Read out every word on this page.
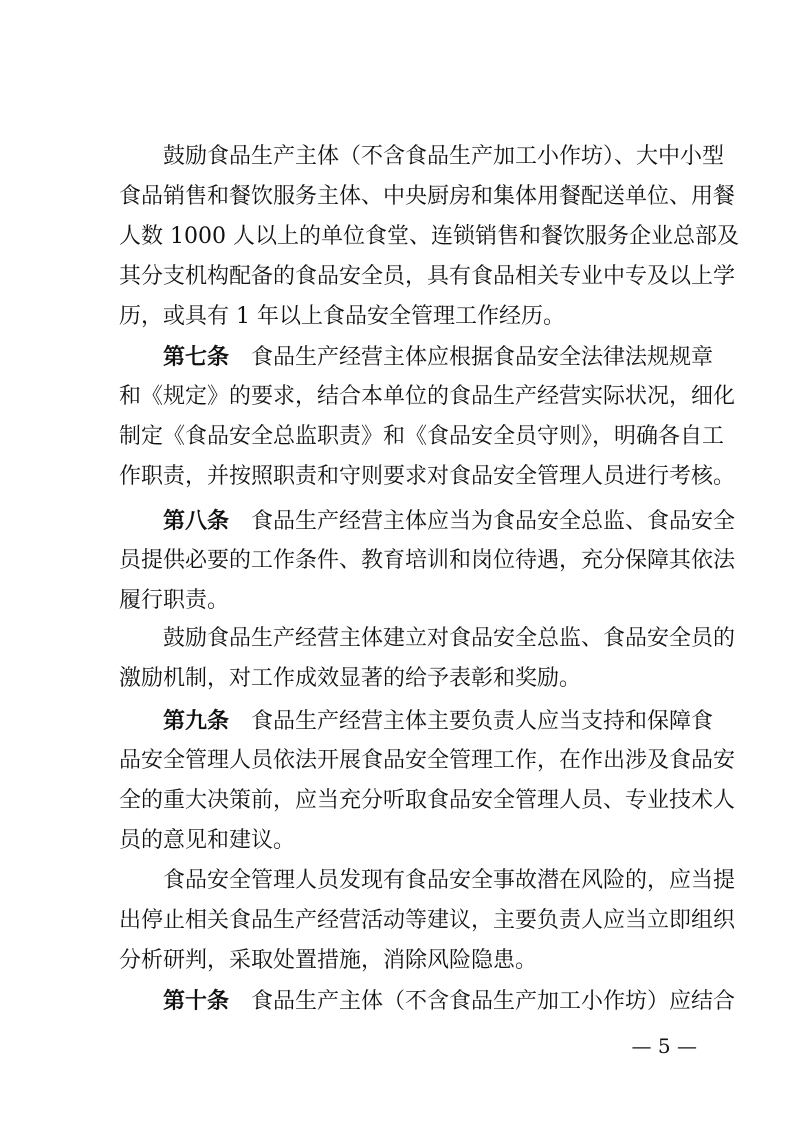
鼓励食品生产主体（不含食品生产加工小作坊）、大中小型
食品销售和餐饮服务主体、中央厨房和集体用餐配送单位、用餐
人数 1000 人以上的单位食堂、连锁销售和餐饮服务企业总部及
其分支机构配备的食品安全员，具有食品相关专业中专及以上学
历，或具有 1 年以上食品安全管理工作经历。
第七条 食品生产经营主体应根据食品安全法律法规规章
和《规定》的要求，结合本单位的食品生产经营实际状况，细化
制定《食品安全总监职责》和《食品安全员守则》，明确各自工
作职责，并按照职责和守则要求对食品安全管理人员进行考核。
第八条 食品生产经营主体应当为食品安全总监、食品安全
员提供必要的工作条件、教育培训和岗位待遇，充分保障其依法
履行职责。
鼓励食品生产经营主体建立对食品安全总监、食品安全员的
激励机制，对工作成效显著的给予表彰和奖励。
第九条 食品生产经营主体主要负责人应当支持和保障食
品安全管理人员依法开展食品安全管理工作，在作出涉及食品安
全的重大决策前，应当充分听取食品安全管理人员、专业技术人
员的意见和建议。
食品安全管理人员发现有食品安全事故潜在风险的，应当提
出停止相关食品生产经营活动等建议，主要负责人应当立即组织
分析研判，采取处置措施，消除风险隐患。
第十条 食品生产主体（不含食品生产加工小作坊）应结合
— 5 —
